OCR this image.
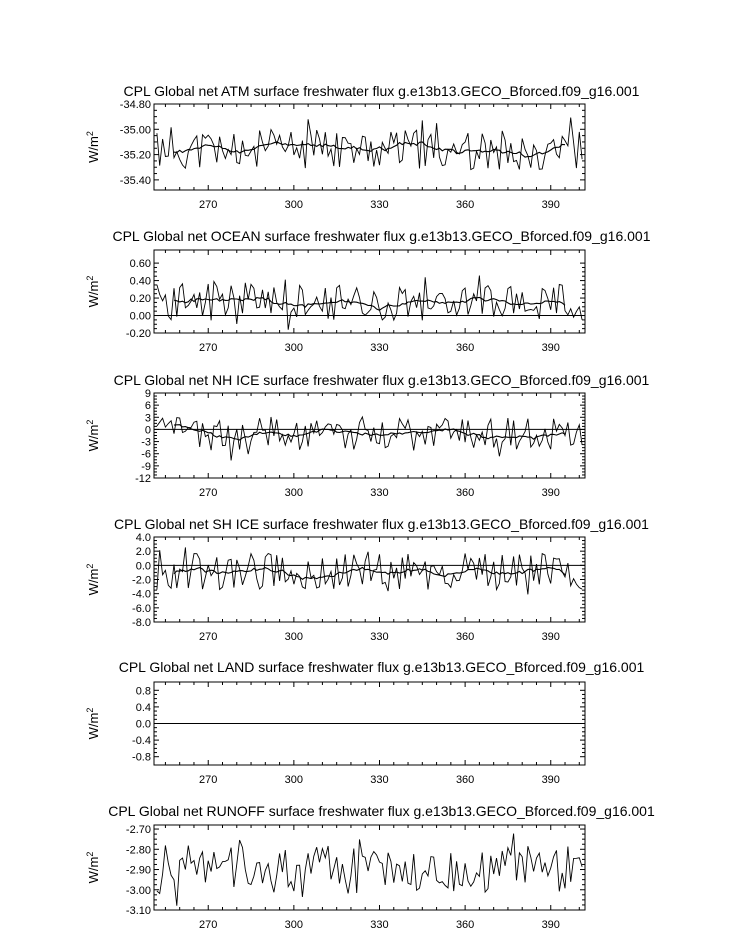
CPL Global net ATM surface freshwater flux g.e13b13.GECO_Bforced.f09_g16.001
$W/m^2$
-34.80
-35.00
-35.20
-35.40
270	300	330	360	390
CPL Global net OCEAN surface freshwater flux g.e13b13.GECO_Bforced.f09_g16.001
$W/m^2$
0.60
0.40
0.20
0.00
-0.20
270	300	330	360	390
CPL Global net NH ICE surface freshwater flux g.e13b13.GECO_Bforced.f09_g16.001
$W/m^2$
9
6
3
0
-3
-6
-9
-12
270	300	330	360	390
CPL Global net SH ICE surface freshwater flux g.e13b13.GECO_Bforced.f09_g16.001
$W/m^2$
4.0
2.0
0.0
-2.0
-4.0
-6.0
-8.0
270	300	330	360	390
CPL Global net LAND surface freshwater flux g.e13b13.GECO_Bforced.f09_g16.001
$W/m^2$
0.8
0.4
0.0
-0.4
-0.8
270	300	330	360	390
CPL Global net RUNOFF surface freshwater flux g.e13b13.GECO_Bforced.f09_g16.001
$W/m^2$
-2.70
-2.80
-2.90
-3.00
-3.10
270	300	330	360	390
